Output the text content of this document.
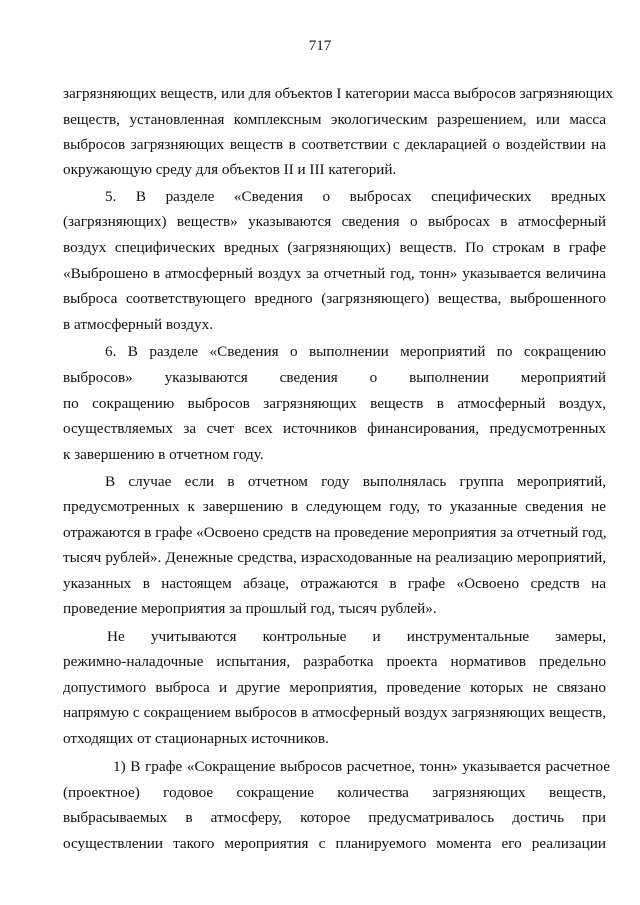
717
загрязняющих веществ, или для объектов I категории масса выбросов загрязняющих
веществ, установленная комплексным экологическим разрешением, или масса
выбросов загрязняющих веществ в соответствии с декларацией о воздействии на
окружающую среду для объектов II и III категорий.
5. В разделе «Сведения о выбросах специфических вредных
(загрязняющих) веществ» указываются сведения о выбросах в атмосферный
воздух специфических вредных (загрязняющих) веществ. По строкам в графе
«Выброшено в атмосферный воздух за отчетный год, тонн» указывается величина
выброса соответствующего вредного (загрязняющего) вещества, выброшенного
в атмосферный воздух.
6. В разделе «Сведения о выполнении мероприятий по сокращению
выбросов» указываются сведения о выполнении мероприятий
по сокращению выбросов загрязняющих веществ в атмосферный воздух,
осуществляемых за счет всех источников финансирования, предусмотренных
к завершению в отчетном году.
В случае если в отчетном году выполнялась группа мероприятий,
предусмотренных к завершению в следующем году, то указанные сведения не
отражаются в графе «Освоено средств на проведение мероприятия за отчетный год,
тысяч рублей». Денежные средства, израсходованные на реализацию мероприятий,
указанных в настоящем абзаце, отражаются в графе «Освоено средств на
проведение мероприятия за прошлый год, тысяч рублей».
Не учитываются контрольные и инструментальные замеры,
режимно-наладочные испытания, разработка проекта нормативов предельно
допустимого выброса и другие мероприятия, проведение которых не связано
напрямую с сокращением выбросов в атмосферный воздух загрязняющих веществ,
отходящих от стационарных источников.
1) В графе «Сокращение выбросов расчетное, тонн» указывается расчетное
(проектное) годовое сокращение количества загрязняющих веществ,
выбрасываемых в атмосферу, которое предусматривалось достичь при
осуществлении такого мероприятия с планируемого момента его реализации
